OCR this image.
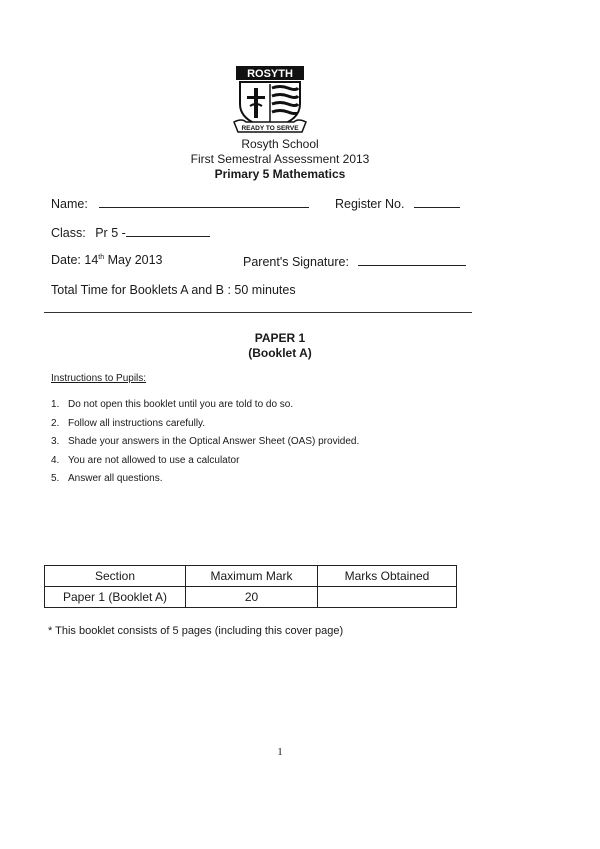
ROSYTH
READY TO SERVE
Rosyth School
First Semestral Assessment 2013
Primary 5 Mathematics
Name:	Register No.
Class: Pr 5 -
Date: 14th May 2013	Parent's Signature:
Total Time for Booklets A and B : 50 minutes
PAPER 1
(Booklet A)
Instructions to Pupils:
1. Do not open this booklet until you are told to do so.
2. Follow all instructions carefully.
3. Shade your answers in the Optical Answer Sheet (OAS) provided.
4. You are not allowed to use a calculator
5. Answer all questions.
Section	Maximum Mark	Marks Obtained
Paper 1 (Booklet A)	20	
* This booklet consists of 5 pages (including this cover page)
1
